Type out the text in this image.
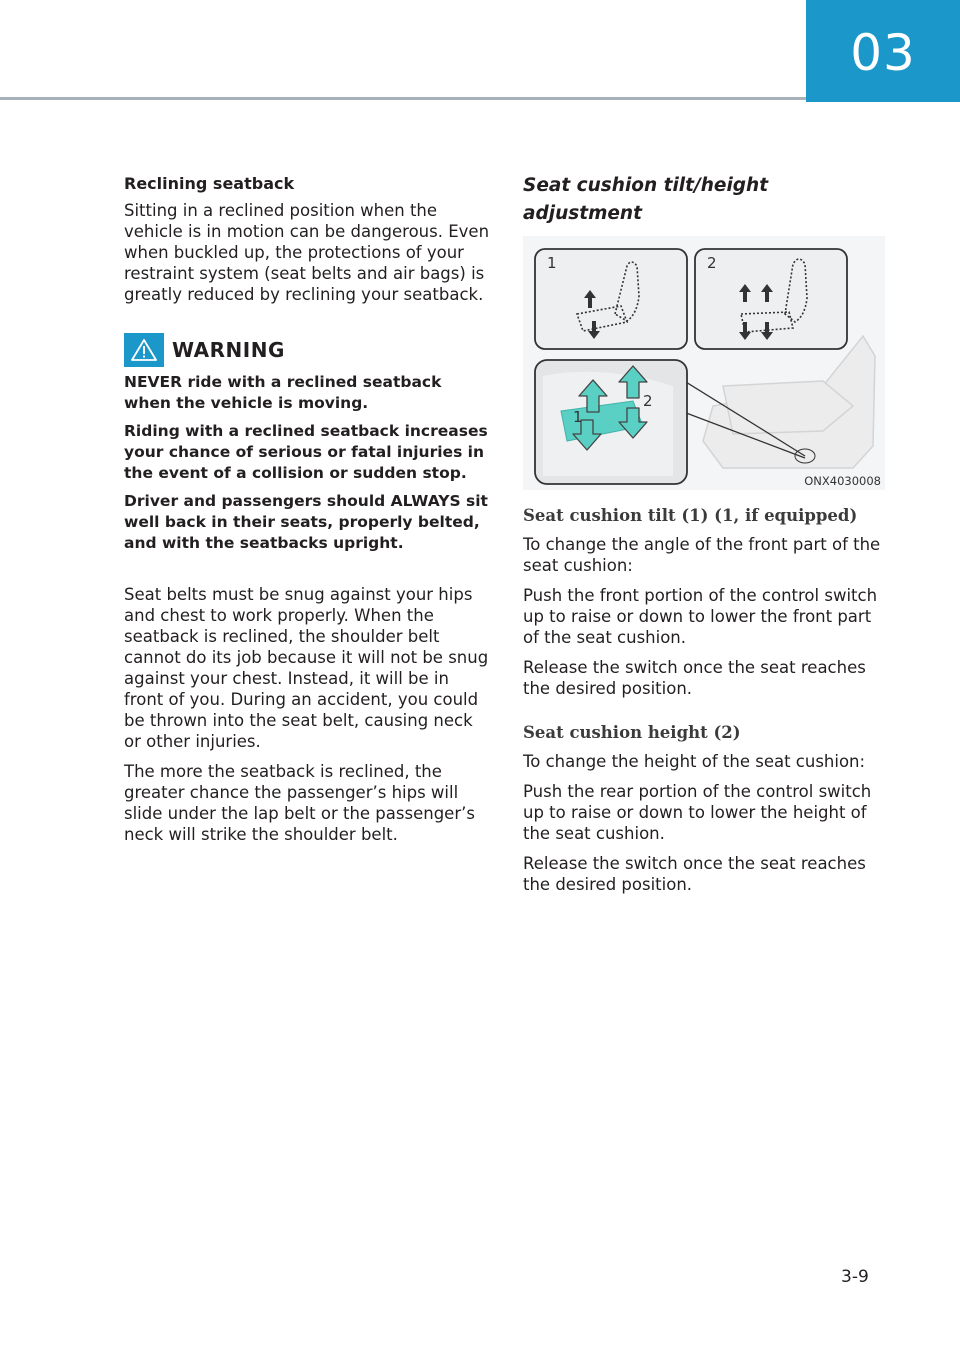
03
Reclining seatback

Sitting in a reclined position when the vehicle is in motion can be dangerous. Even when buckled up, the protections of your restraint system (seat belts and air bags) is greatly reduced by reclining your seatback.

WARNING

NEVER ride with a reclined seatback when the vehicle is moving.

Riding with a reclined seatback increases your chance of serious or fatal injuries in the event of a collision or sudden stop.

Driver and passengers should ALWAYS sit well back in their seats, properly belted, and with the seatbacks upright.

Seat belts must be snug against your hips and chest to work properly. When the seatback is reclined, the shoulder belt cannot do its job because it will not be snug against your chest. Instead, it will be in front of you. During an accident, you could be thrown into the seat belt, causing neck or other injuries.

The more the seatback is reclined, the greater chance the passenger’s hips will slide under the lap belt or the passenger’s neck will strike the shoulder belt.

Seat cushion tilt/height adjustment
1	2
1
2
ONX4030008
Seat cushion tilt (1) (1, if equipped)

To change the angle of the front part of the seat cushion:

Push the front portion of the control switch up to raise or down to lower the front part of the seat cushion.

Release the switch once the seat reaches the desired position.

Seat cushion height (2)

To change the height of the seat cushion:

Push the rear portion of the control switch up to raise or down to lower the height of the seat cushion.

Release the switch once the seat reaches the desired position.

3-9
